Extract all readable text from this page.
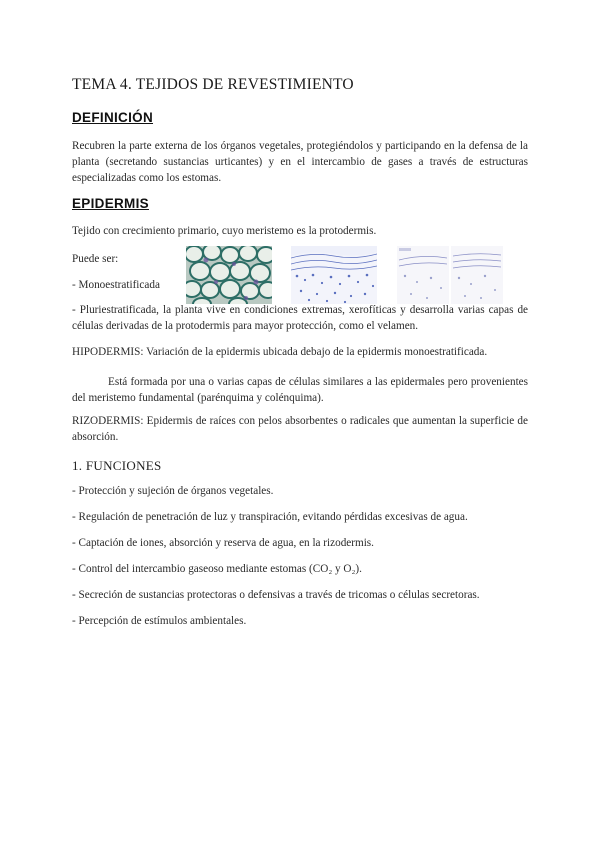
TEMA 4. TEJIDOS DE REVESTIMIENTO
DEFINICIÓN
Recubren la parte externa de los órganos vegetales, protegiéndolos y participando en la defensa de la planta (secretando sustancias urticantes) y en el intercambio de gases a través de estructuras especializadas como los estomas.
EPIDERMIS
Tejido con crecimiento primario, cuyo meristemo es la protodermis.
Puede ser:
- Monoestratificada
- Pluriestratificada, la planta vive en condiciones extremas, xerofíticas y desarrolla varias capas de células derivadas de la protodermis para mayor protección, como el velamen.
HIPODERMIS: Variación de la epidermis ubicada debajo de la epidermis monoestratificada.
Está formada por una o varias capas de células similares a las epidermales pero provenientes del meristemo fundamental (parénquima y colénquima).
RIZODERMIS: Epidermis de raíces con pelos absorbentes o radicales que aumentan la superficie de absorción.
1. FUNCIONES
- Protección y sujeción de órganos vegetales.
- Regulación de penetración de luz y transpiración, evitando pérdidas excesivas de agua.
- Captación de iones, absorción y reserva de agua, en la rizodermis.
- Control del intercambio gaseoso mediante estomas (CO₂ y O₂).
- Secreción de sustancias protectoras o defensivas a través de tricomas o células secretoras.
- Percepción de estímulos ambientales.
